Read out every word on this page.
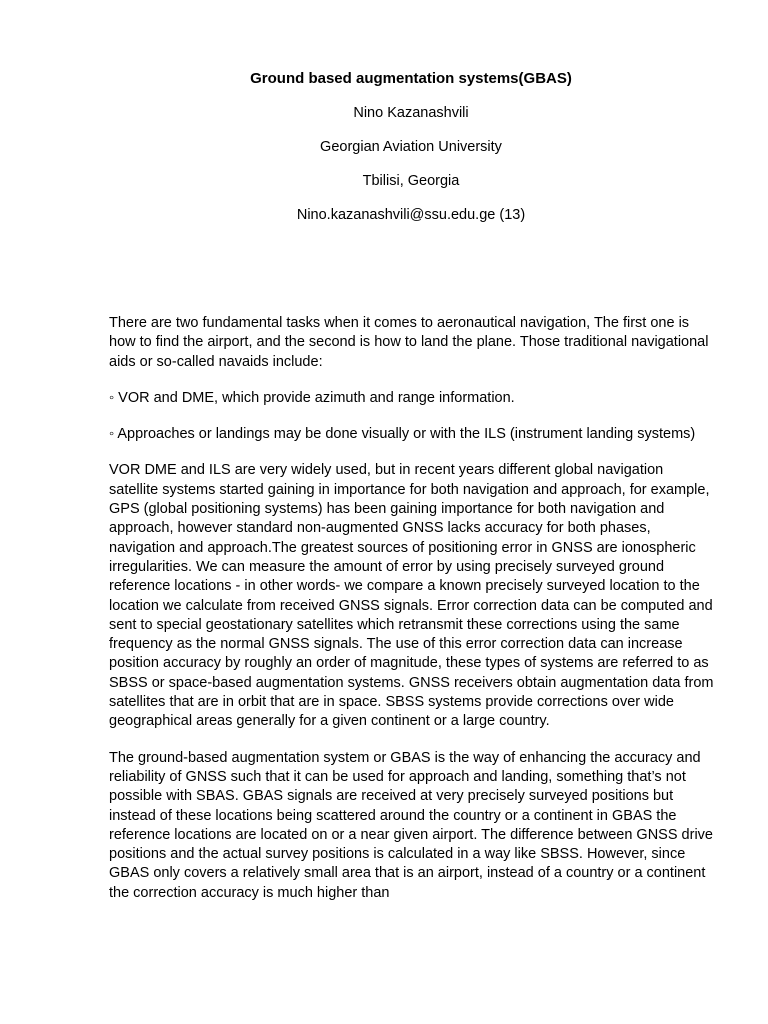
Ground based augmentation systems(GBAS)
Nino Kazanashvili
Georgian Aviation University
Tbilisi, Georgia
Nino.kazanashvili@ssu.edu.ge (13)

There are two fundamental tasks when it comes to aeronautical navigation, The first one is how to find the airport, and the second is how to land the plane. Those traditional navigational aids or so-called navaids include:

◦ VOR and DME, which provide azimuth and range information.

◦ Approaches or landings may be done visually or with the ILS (instrument landing systems)

VOR DME and ILS are very widely used, but in recent years different global navigation satellite systems started gaining in importance for both navigation and approach, for example, GPS (global positioning systems) has been gaining importance for both navigation and approach, however standard non-augmented GNSS lacks accuracy for both phases, navigation and approach.The greatest sources of positioning error in GNSS are ionospheric irregularities. We can measure the amount of error by using precisely surveyed ground reference locations - in other words- we compare a known precisely surveyed location to the location we calculate from received GNSS signals. Error correction data can be computed and sent to special geostationary satellites which retransmit these corrections using the same frequency as the normal GNSS signals. The use of this error correction data can increase position accuracy by roughly an order of magnitude, these types of systems are referred to as SBSS or space-based augmentation systems. GNSS receivers obtain augmentation data from satellites that are in orbit that are in space. SBSS systems provide corrections over wide geographical areas generally for a given continent or a large country.

The ground-based augmentation system or GBAS is the way of enhancing the accuracy and reliability of GNSS such that it can be used for approach and landing, something that’s not possible with SBAS. GBAS signals are received at very precisely surveyed positions but instead of these locations being scattered around the country or a continent in GBAS the reference locations are located on or a near given airport. The difference between GNSS drive positions and the actual survey positions is calculated in a way like SBSS. However, since GBAS only covers a relatively small area that is an airport, instead of a country or a continent the correction accuracy is much higher than
